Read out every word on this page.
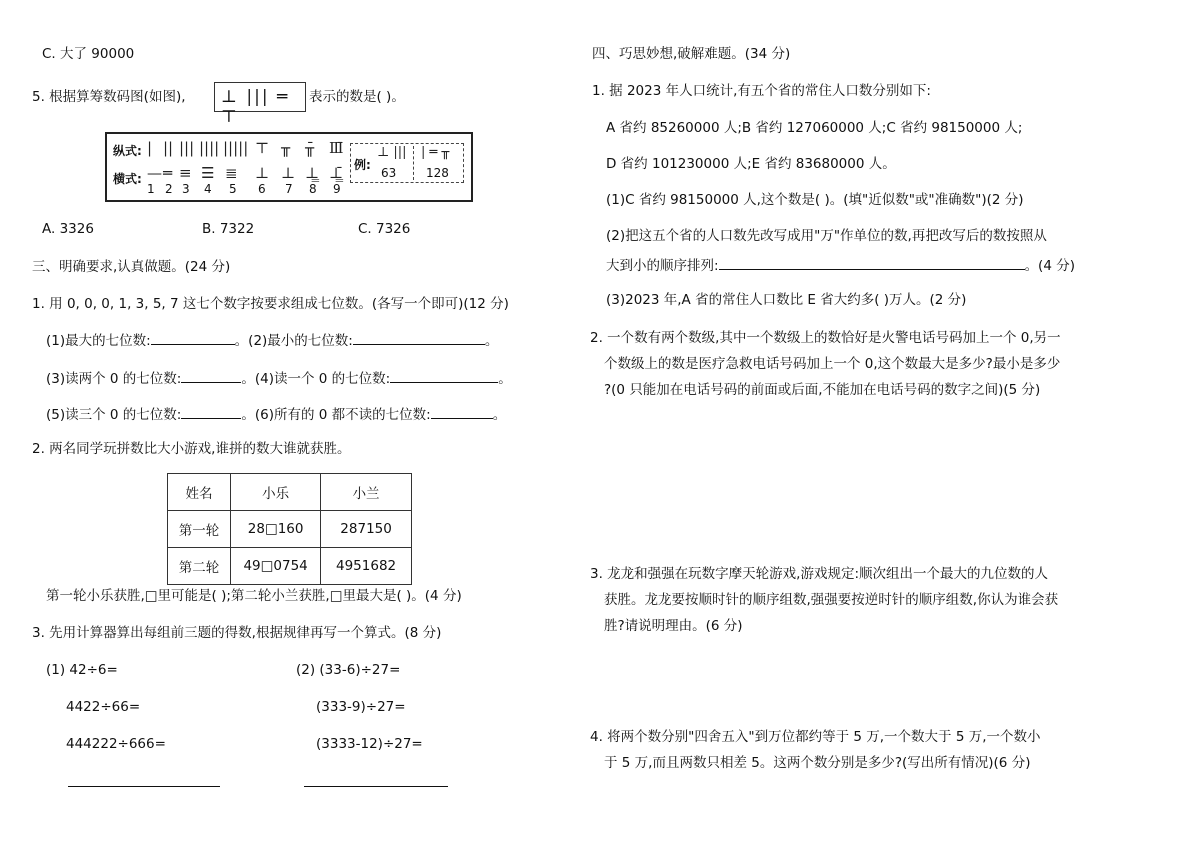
C. 大了 90000
5. 根据算筹数码图(如图), ⊥ ||| ═ ⊤
表示的数是( )。
纵式:
横式:
| || ||| |||| ||||| ⊤ ╥ ╥̄ Ⅲ̄
— ═ ≡ ☰ ≣ ⊥ ⊥ ⊥̳ ⊥̳̄
1 2 3 4 5 6 7 8 9
例:
⊥ |||
63
| ═ ╥
128
A. 3326	B. 7322	C. 7326
三、明确要求,认真做题。(24 分)
1. 用 0, 0, 0, 1, 3, 5, 7 这七个数字按要求组成七位数。(各写一个即可)(12 分)
(1)最大的七位数:	。(2)最小的七位数:	。
(3)读两个 0 的七位数:	。(4)读一个 0 的七位数:	。
(5)读三个 0 的七位数:	。(6)所有的 0 都不读的七位数:	。
2. 两名同学玩拼数比大小游戏,谁拼的数大谁就获胜。
姓名	小乐	小兰
第一轮	28□160	287150
第二轮	49□0754	4951682
第一轮小乐获胜,□里可能是( );第二轮小兰获胜,□里最大是( )。(4 分)
3. 先用计算器算出每组前三题的得数,根据规律再写一个算式。(8 分)
(1) 42÷6=
4422÷66=
444222÷666=
(2) (33-6)÷27=
(333-9)÷27=
(3333-12)÷27=
四、巧思妙想,破解难题。(34 分)
1. 据 2023 年人口统计,有五个省的常住人口数分别如下:
A 省约 85260000 人;B 省约 127060000 人;C 省约 98150000 人;
D 省约 101230000 人;E 省约 83680000 人。
(1)C 省约 98150000 人,这个数是( )。(填"近似数"或"准确数")(2 分)
(2)把这五个省的人口数先改写成用"万"作单位的数,再把改写后的数按照从
大到小的顺序排列:	。(4 分)
(3)2023 年,A 省的常住人口数比 E 省大约多( )万人。(2 分)
2. 一个数有两个数级,其中一个数级上的数恰好是火警电话号码加上一个 0,另一
个数级上的数是医疗急救电话号码加上一个 0,这个数最大是多少?最小是多少
?(0 只能加在电话号码的前面或后面,不能加在电话号码的数字之间)(5 分)
3. 龙龙和强强在玩数字摩天轮游戏,游戏规定:顺次组出一个最大的九位数的人
获胜。龙龙要按顺时针的顺序组数,强强要按逆时针的顺序组数,你认为谁会获
胜?请说明理由。(6 分)
4. 将两个数分别"四舍五入"到万位都约等于 5 万,一个数大于 5 万,一个数小
于 5 万,而且两数只相差 5。这两个数分别是多少?(写出所有情况)(6 分)
